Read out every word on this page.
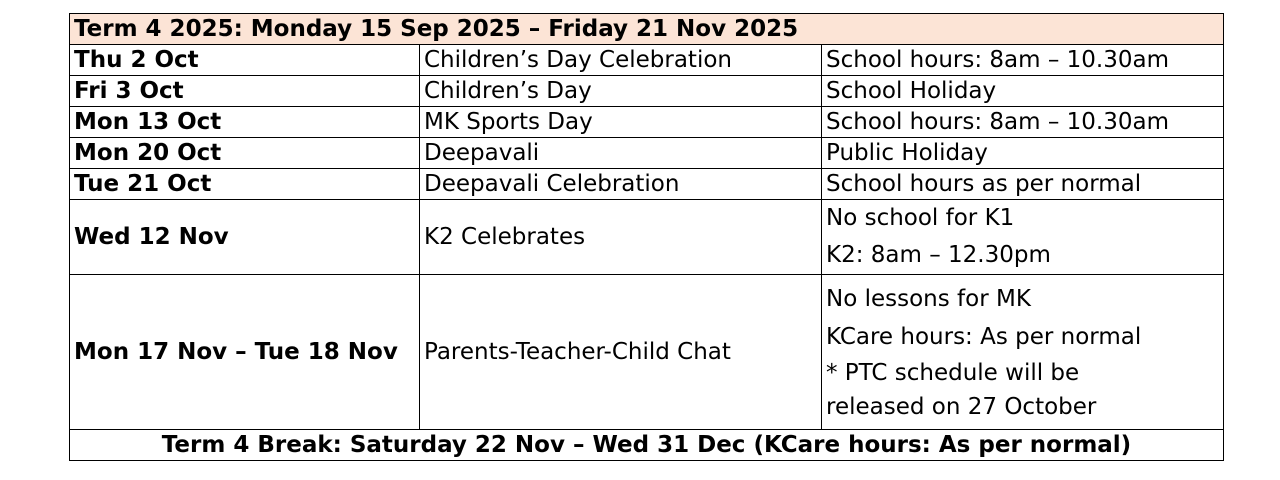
Term 4 2025: Monday 15 Sep 2025 – Friday 21 Nov 2025		
Thu 2 Oct	Children’s Day Celebration	School hours: 8am – 10.30am

Fri 3 Oct	Children’s Day	School Holiday

Mon 13 Oct	MK Sports Day	School hours: 8am – 10.30am

Mon 20 Oct	Deepavali	Public Holiday

Tue 21 Oct	Deepavali Celebration	School hours as per normal

Wed 12 Nov	K2 Celebrates	No school for K1
K2: 8am – 12.30pm

Mon 17 Nov – Tue 18 Nov	Parents-Teacher-Child Chat	No lessons for MK
KCare hours: As per normal
* PTC schedule will be
released on 27 October

Term 4 Break: Saturday 22 Nov – Wed 31 Dec (KCare hours: As per normal)		
